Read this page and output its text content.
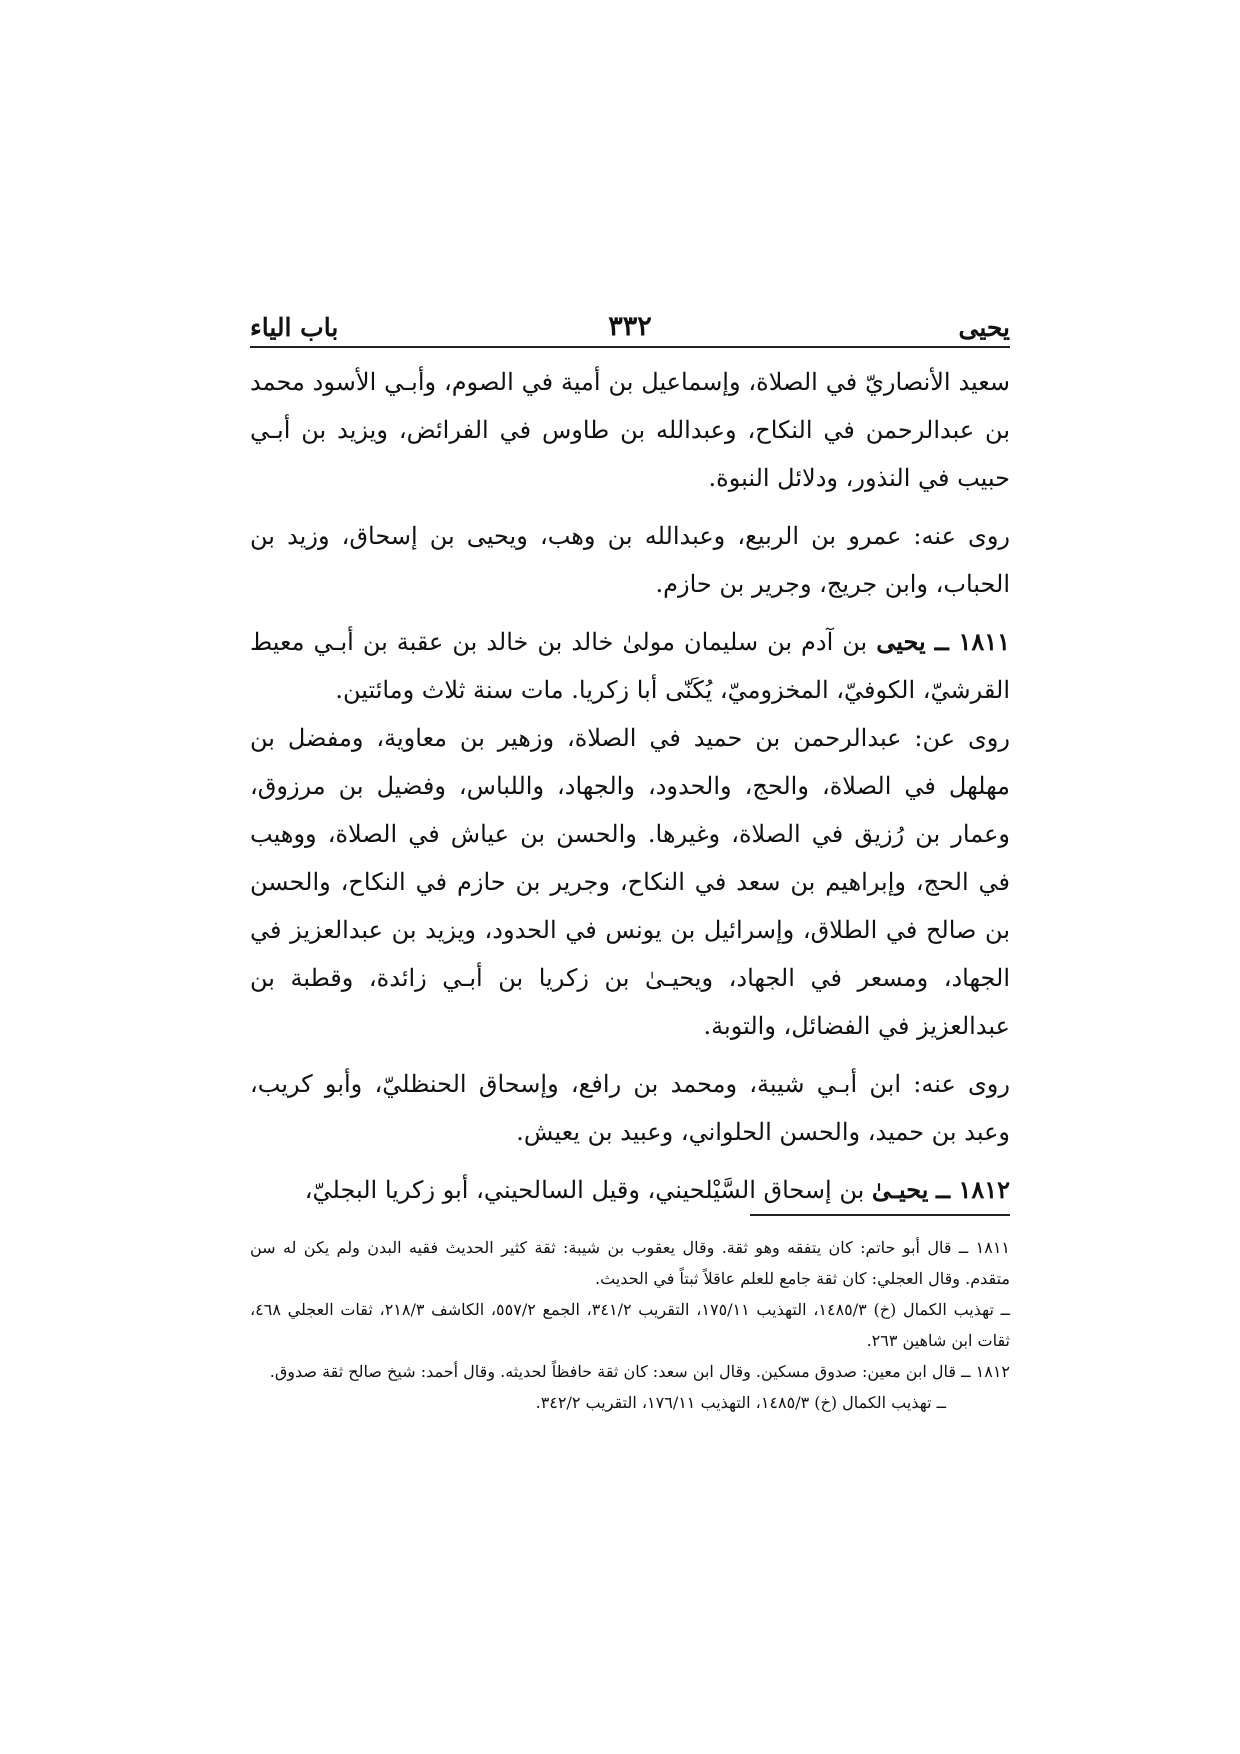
يحيى
٣٣٢
باب الياء

سعيد الأنصاريّ في الصلاة، وإسماعيل بن أمية في الصوم، وأبـي الأسود محمد بن عبدالرحمن في النكاح، وعبدالله بن طاوس في الفرائض، ويزيد بن أبـي حبيب في النذور، ودلائل النبوة.

روى عنه: عمرو بن الربيع، وعبدالله بن وهب، ويحيى بن إسحاق، وزيد بن الحباب، وابن جريج، وجرير بن حازم.

١٨١١ ــ يحيى بن آدم بن سليمان مولىٰ خالد بن خالد بن عقبة بن أبـي معيط القرشيّ، الكوفيّ، المخزوميّ، يُكَنّى أبا زكريا. مات سنة ثلاث ومائتين.

روى عن: عبدالرحمن بن حميد في الصلاة، وزهير بن معاوية، ومفضل بن مهلهل في الصلاة، والحج، والحدود، والجهاد، واللباس، وفضيل بن مرزوق، وعمار بن رُزيق في الصلاة، وغيرها. والحسن بن عياش في الصلاة، ووهيب في الحج، وإبراهيم بن سعد في النكاح، وجرير بن حازم في النكاح، والحسن بن صالح في الطلاق، وإسرائيل بن يونس في الحدود، ويزيد بن عبدالعزيز في الجهاد، ومسعر في الجهاد، ويحيـىٰ بن زكريا بن أبـي زائدة، وقطبة بن عبدالعزيز في الفضائل، والتوبة.

روى عنه: ابن أبـي شيبة، ومحمد بن رافع، وإسحاق الحنظليّ، وأبو كريب، وعبد بن حميد، والحسن الحلواني، وعبيد بن يعيش.

١٨١٢ ــ يحيـىٰ بن إسحاق السَّيْلحيني، وقيل السالحيني، أبو زكريا البجليّ،

١٨١١ ــ قال أبو حاتم: كان يتفقه وهو ثقة. وقال يعقوب بن شيبة: ثقة كثير الحديث فقيه البدن ولم يكن له سن متقدم. وقال العجلي: كان ثقة جامع للعلم عاقلاً ثبتاً في الحديث.

ــ تهذيب الكمال (خ) ١٤٨٥/٣، التهذيب ١٧٥/١١، التقريب ٣٤١/٢، الجمع ٥٥٧/٢، الكاشف ٢١٨/٣، ثقات العجلي ٤٦٨، ثقات ابن شاهين ٢٦٣.

١٨١٢ ــ قال ابن معين: صدوق مسكين. وقال ابن سعد: كان ثقة حافظاً لحديثه. وقال أحمد: شيخ صالح ثقة صدوق.

ــ تهذيب الكمال (خ) ١٤٨٥/٣، التهذيب ١٧٦/١١، التقريب ٣٤٢/٢.
